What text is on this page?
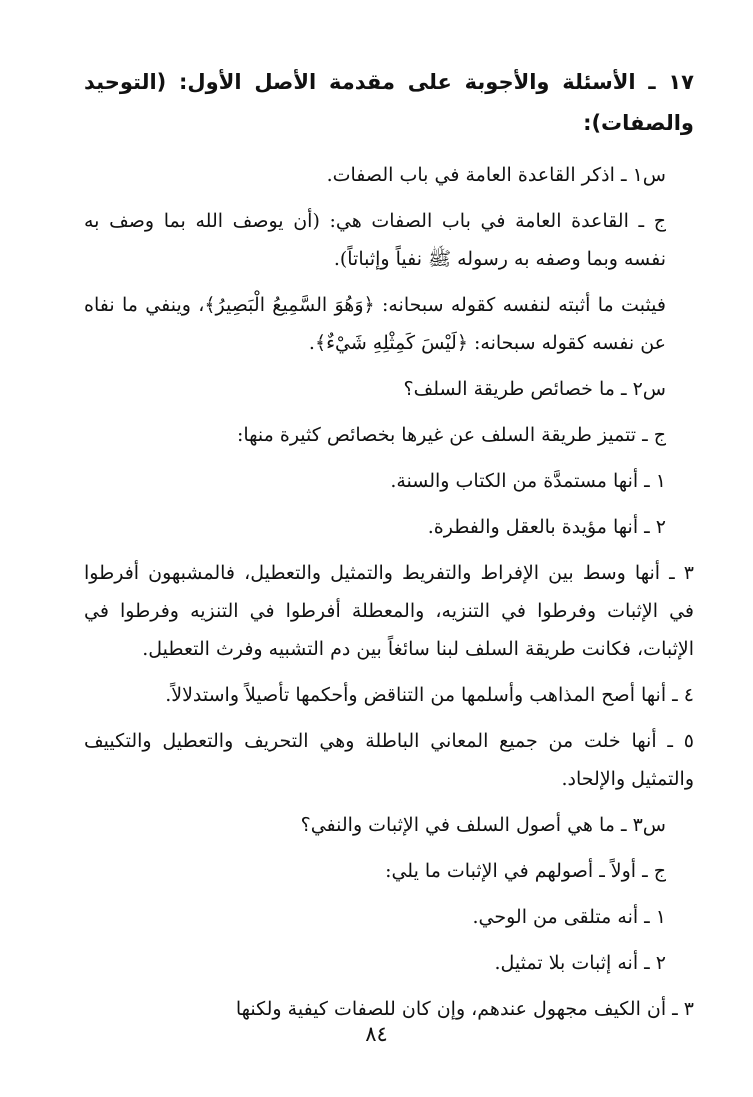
١٧ ـ الأسئلة والأجوبة على مقدمة الأصل الأول: (التوحيد والصفات):
س١ ـ اذكر القاعدة العامة في باب الصفات.
ج ـ القاعدة العامة في باب الصفات هي: (أن يوصف الله بما وصف به نفسه وبما وصفه به رسوله ﷺ نفياً وإثباتاً).
فيثبت ما أثبته لنفسه كقوله سبحانه: ﴿وَهُوَ السَّمِيعُ الْبَصِيرُ﴾، وينفي ما نفاه عن نفسه كقوله سبحانه: ﴿لَيْسَ كَمِثْلِهِ شَيْءٌ﴾.
س٢ ـ ما خصائص طريقة السلف؟
ج ـ تتميز طريقة السلف عن غيرها بخصائص كثيرة منها:
١ ـ أنها مستمدَّة من الكتاب والسنة.
٢ ـ أنها مؤيدة بالعقل والفطرة.
٣ ـ أنها وسط بين الإفراط والتفريط والتمثيل والتعطيل، فالمشبهون أفرطوا في الإثبات وفرطوا في التنزيه، والمعطلة أفرطوا في التنزيه وفرطوا في الإثبات، فكانت طريقة السلف لبنا سائغاً بين دم التشبيه وفرث التعطيل.
٤ ـ أنها أصح المذاهب وأسلمها من التناقض وأحكمها تأصيلاً واستدلالاً.
٥ ـ أنها خلت من جميع المعاني الباطلة وهي التحريف والتعطيل والتكييف والتمثيل والإلحاد.
س٣ ـ ما هي أصول السلف في الإثبات والنفي؟
ج ـ أولاً ـ أصولهم في الإثبات ما يلي:
١ ـ أنه متلقى من الوحي.
٢ ـ أنه إثبات بلا تمثيل.
٣ ـ أن الكيف مجهول عندهم، وإن كان للصفات كيفية ولكنها
٨٤
